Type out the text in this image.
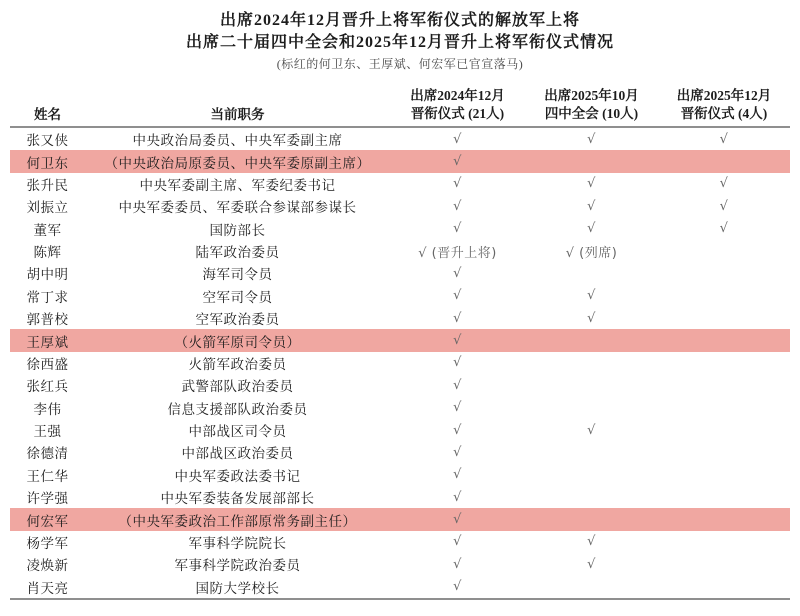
出席2024年12月晋升上将军衔仪式的解放军上将
出席二十届四中全会和2025年12月晋升上将军衔仪式情况
(标红的何卫东、王厚斌、何宏军已官宣落马)
姓名	当前职务
出席2024年12月
晋衔仪式 (21人)
出席2025年10月
四中全会 (10人)
出席2025年12月
晋衔仪式 (4人)
张又侠	中央政治局委员、中央军委副主席	√	√	√
何卫东	（中央政治局原委员、中央军委原副主席）	√
张升民	中央军委副主席、军委纪委书记	√	√	√
刘振立	中央军委委员、军委联合参谋部参谋长	√	√	√
董军	国防部长	√	√	√
陈辉	陆军政治委员	√ (晋升上将)	√ (列席)
胡中明	海军司令员	√
常丁求	空军司令员	√	√
郭普校	空军政治委员	√	√
王厚斌	（火箭军原司令员）	√
徐西盛	火箭军政治委员	√
张红兵	武警部队政治委员	√
李伟	信息支援部队政治委员	√
王强	中部战区司令员	√	√
徐德清	中部战区政治委员	√
王仁华	中央军委政法委书记	√
许学强	中央军委装备发展部部长	√
何宏军	（中央军委政治工作部原常务副主任）	√
杨学军	军事科学院院长	√	√
凌焕新	军事科学院政治委员	√	√
肖天亮	国防大学校长	√
